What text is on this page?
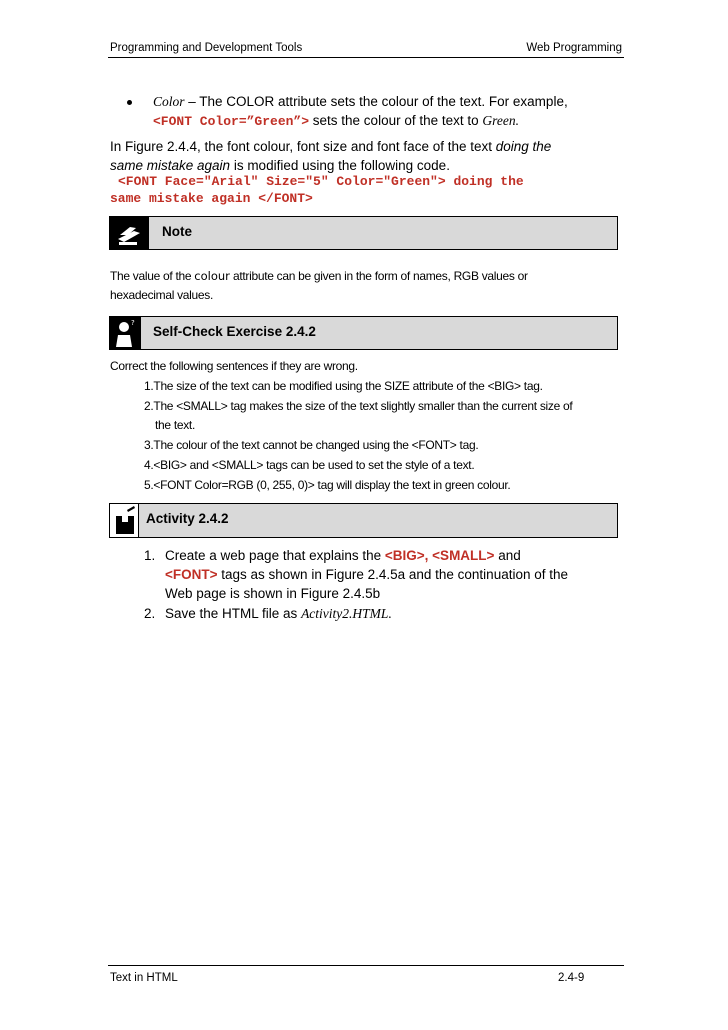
Programming and Development Tools	Web Programming
Color – The COLOR attribute sets the colour of the text. For example,
<FONT Color=”Green”> sets the colour of the text to Green.
In Figure 2.4.4, the font colour, font size and font face of the text doing the
same mistake again is modified using the following code.
<FONT Face="Arial" Size="5" Color="Green"> doing the
same mistake again </FONT>
Note
The value of the colour attribute can be given in the form of names, RGB values or
hexadecimal values.
?
Self-Check Exercise 2.4.2
Correct the following sentences if they are wrong.
1.The size of the text can be modified using the SIZE attribute of the <BIG> tag.
2.The <SMALL> tag makes the size of the text slightly smaller than the current size of
the text.
3.The colour of the text cannot be changed using the <FONT> tag.
4.<BIG> and <SMALL> tags can be used to set the style of a text.
5.<FONT Color=RGB (0, 255, 0)> tag will display the text in green colour.
Activity 2.4.2
1. Create a web page that explains the <BIG>, <SMALL> and
<FONT> tags as shown in Figure 2.4.5a and the continuation of the
Web page is shown in Figure 2.4.5b
2. Save the HTML file as Activity2.HTML.
Text in HTML	2.4-9
